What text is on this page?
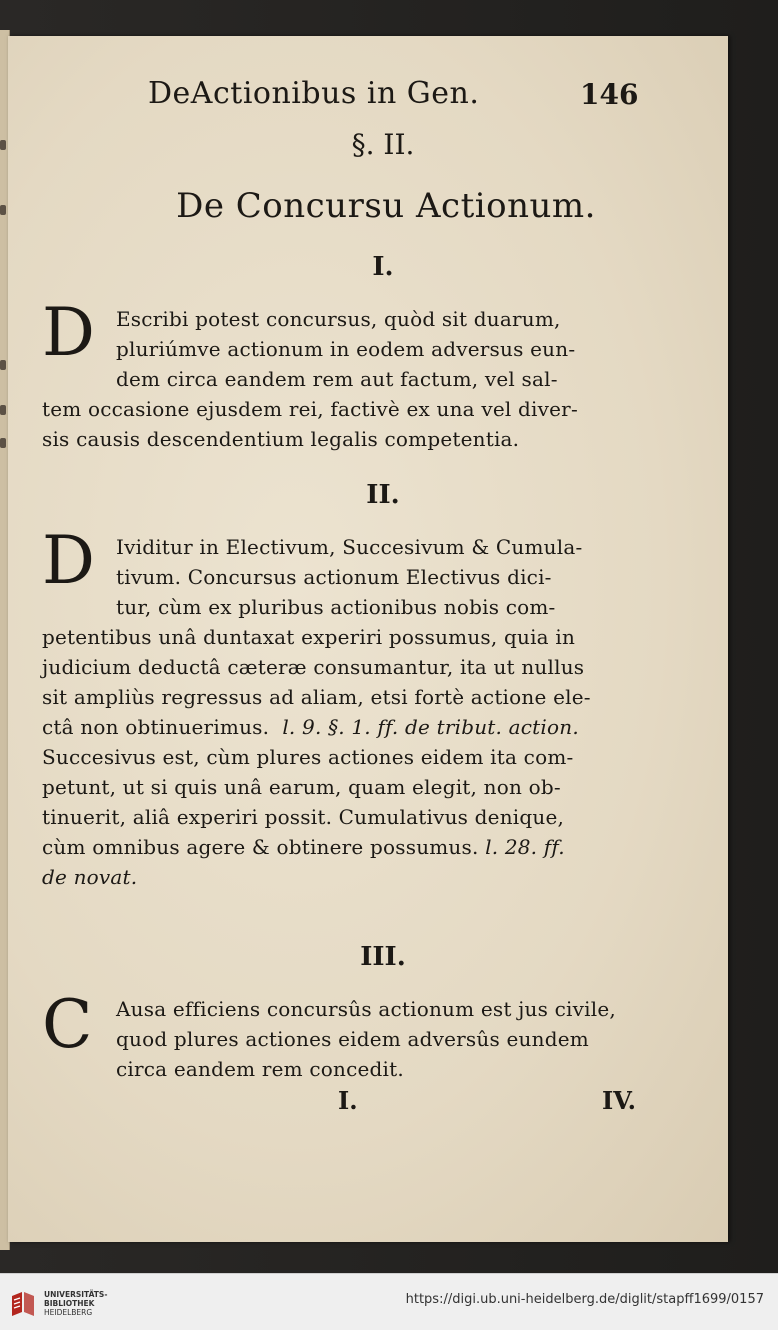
DeActionibus in Gen.	146
§. II.
De Concursu Actionum.
I.
D	Escribi potest concursus, quòd sit duarum,
pluriúmve actionum in eodem adversus eun-
dem circa eandem rem aut factum, vel sal-
tem occasione ejusdem rei, factivè ex una vel diver-
sis causis descendentium legalis competentia.
II.
D	Ividitur in Electivum, Succesivum & Cumula-
tivum. Concursus actionum Electivus dici-
tur, cùm ex pluribus actionibus nobis com-
petentibus unâ duntaxat experiri possumus, quia in
judicium deductâ cæteræ consumantur, ita ut nullus
sit ampliùs regressus ad aliam, etsi fortè actione ele-
ctâ non obtinuerimus. l. 9. §. 1. ff. de tribut. action.
Succesivus est, cùm plures actiones eidem ita com-
petunt, ut si quis unâ earum, quam elegit, non ob-
tinuerit, aliâ experiri possit. Cumulativus denique,
cùm omnibus agere & obtinere possumus. l. 28. ff.
de novat.
III.
C	Ausa efficiens concursûs actionum est jus civile,
quod plures actiones eidem adversûs eundem
circa eandem rem concedit.
I.	IV.
UNIVERSITÄTS-
BIBLIOTHEK
HEIDELBERG
https://digi.ub.uni-heidelberg.de/diglit/stapff1699/0157
